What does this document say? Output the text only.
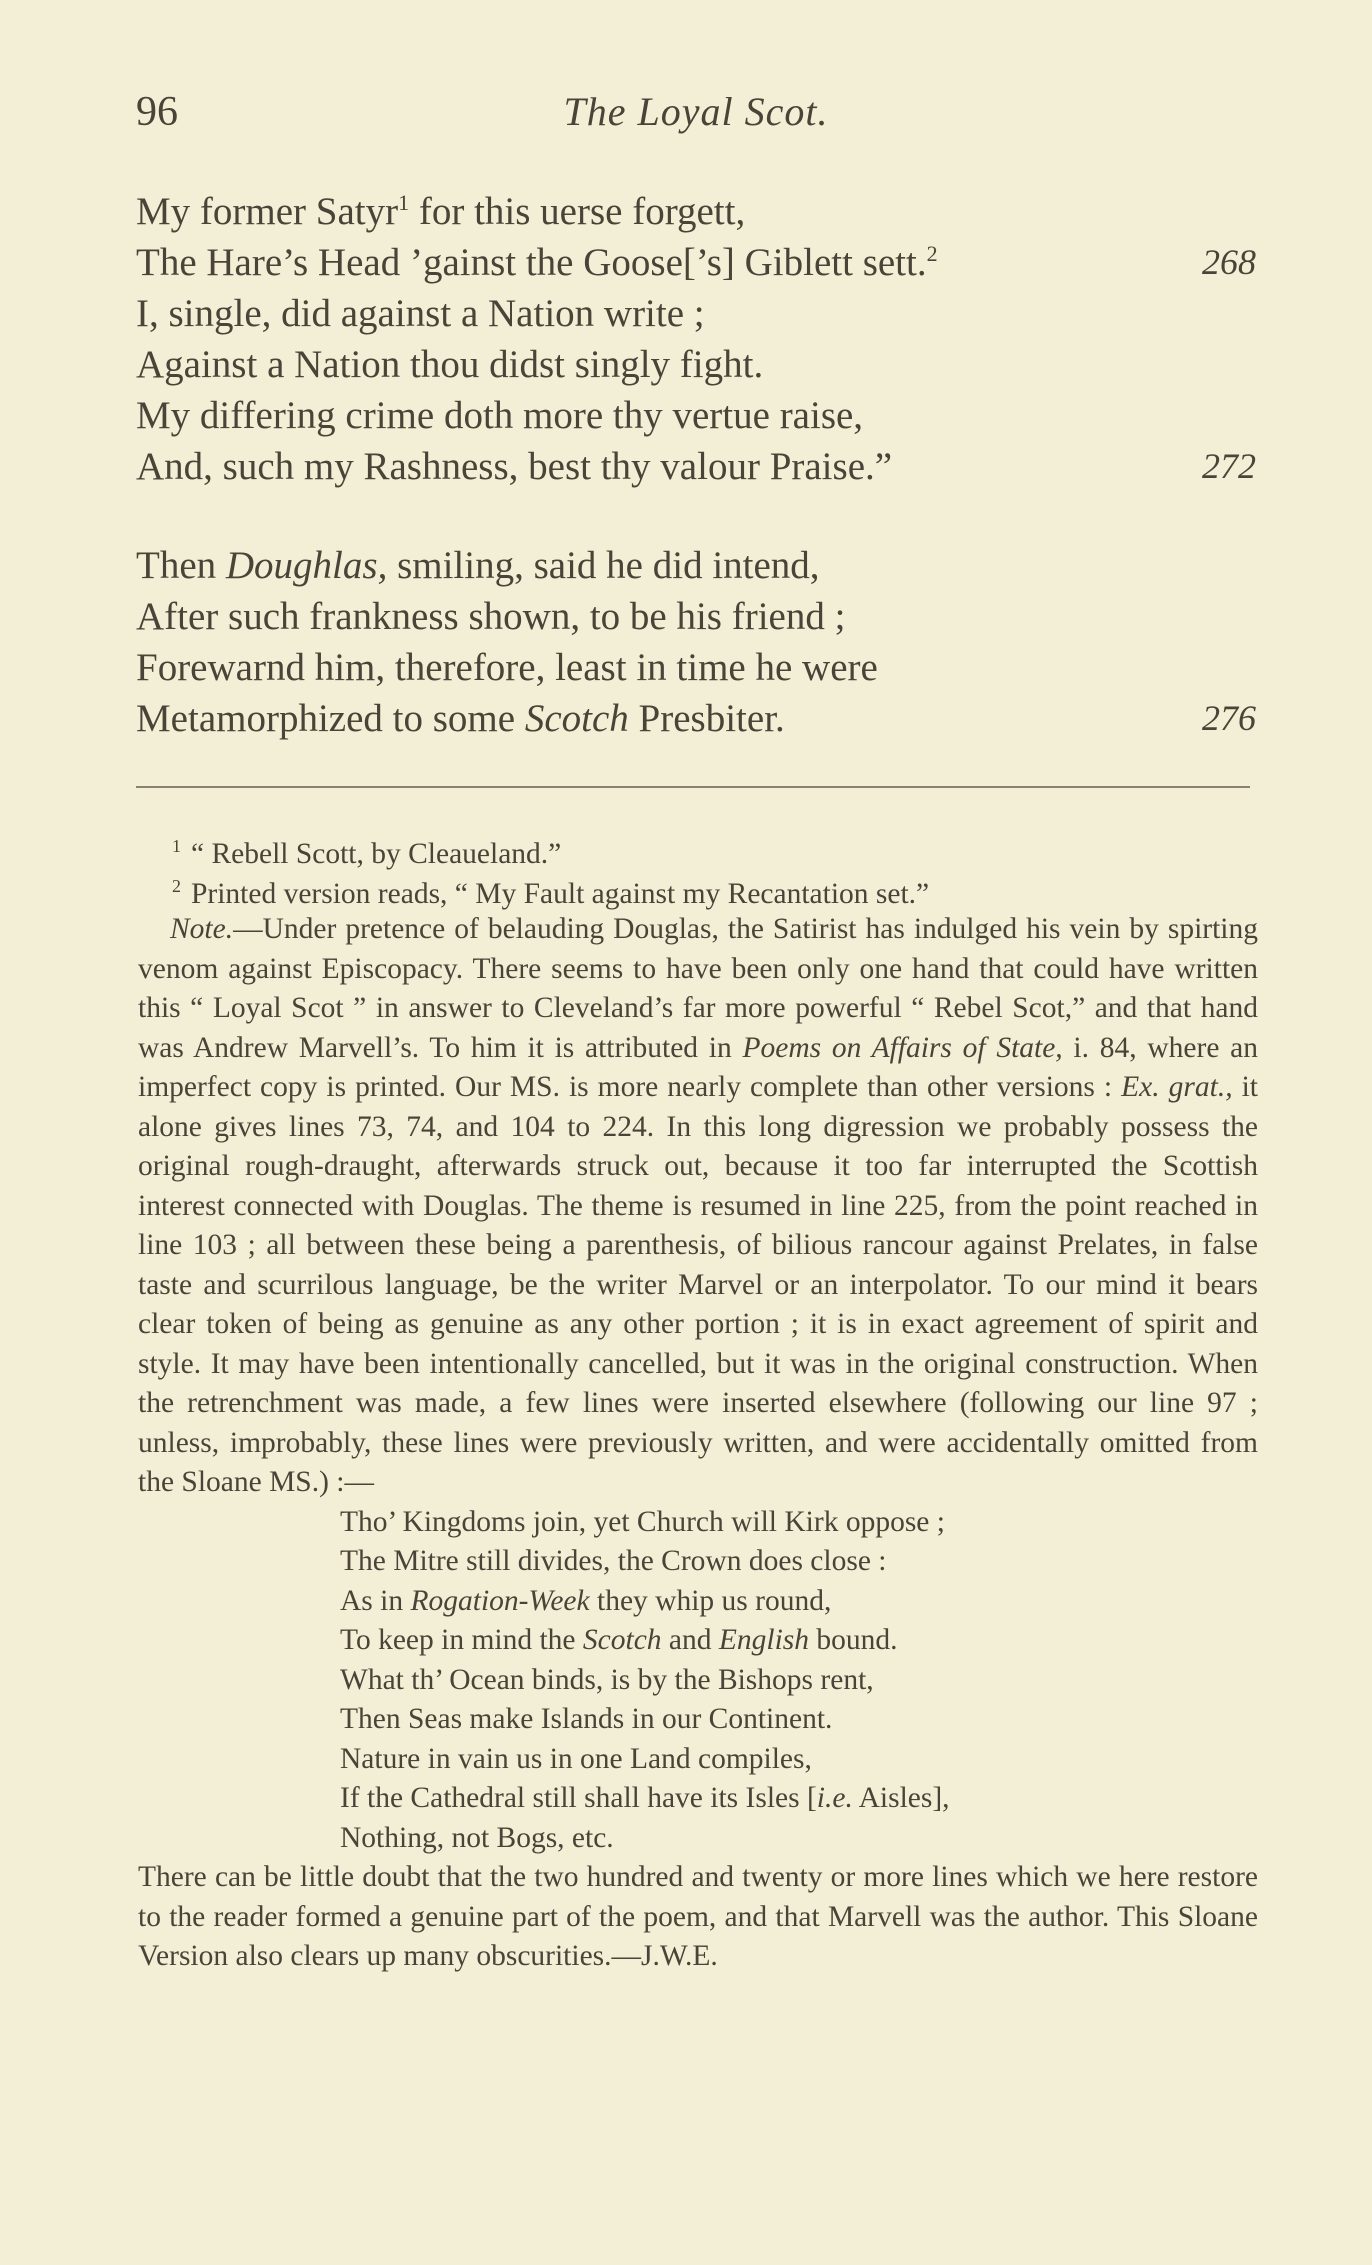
96	The Loyal Scot.
My former Satyr$^1$ for this uerse forgett,
The Hare’s Head ’gainst the Goose[’s] Giblett sett.$^2$	268
I, single, did against a Nation write ;
Against a Nation thou didst singly fight.
My differing crime doth more thy vertue raise,
And, such my Rashness, best thy valour Praise.”	272
Then Doughlas, smiling, said he did intend,
After such frankness shown, to be his friend ;
Forewarnd him, therefore, least in time he were
Metamorphized to some Scotch Presbiter.	276
$^1$ “ Rebell Scott, by Cleaueland.”
$^2$ Printed version reads, “ My Fault against my Recantation set.”
Note.—Under pretence of belauding Douglas, the Satirist has indulged his vein by spirting venom against Episcopacy. There seems to have been only one hand that could have written this “ Loyal Scot ” in answer to Cleveland’s far more powerful “ Rebel Scot,” and that hand was Andrew Marvell’s. To him it is attributed in Poems on Affairs of State, i. 84, where an imperfect copy is printed. Our MS. is more nearly complete than other versions : Ex. grat., it alone gives lines 73, 74, and 104 to 224. In this long digression we probably possess the original rough-draught, afterwards struck out, because it too far interrupted the Scottish interest connected with Douglas. The theme is resumed in line 225, from the point reached in line 103 ; all between these being a parenthesis, of bilious rancour against Prelates, in false taste and scurrilous language, be the writer Marvel or an interpolator. To our mind it bears clear token of being as genuine as any other portion ; it is in exact agreement of spirit and style. It may have been intentionally cancelled, but it was in the original construction. When the retrenchment was made, a few lines were inserted elsewhere (following our line 97 ; unless, improbably, these lines were previously written, and were accidentally omitted from the Sloane MS.) :—
Tho’ Kingdoms join, yet Church will Kirk oppose ;
The Mitre still divides, the Crown does close :
As in Rogation-Week they whip us round,
To keep in mind the Scotch and English bound.
What th’ Ocean binds, is by the Bishops rent,
Then Seas make Islands in our Continent.
Nature in vain us in one Land compiles,
If the Cathedral still shall have its Isles [i.e. Aisles],
Nothing, not Bogs, etc.
There can be little doubt that the two hundred and twenty or more lines which we here restore to the reader formed a genuine part of the poem, and that Marvell was the author. This Sloane Version also clears up many obscurities.—J.W.E.
